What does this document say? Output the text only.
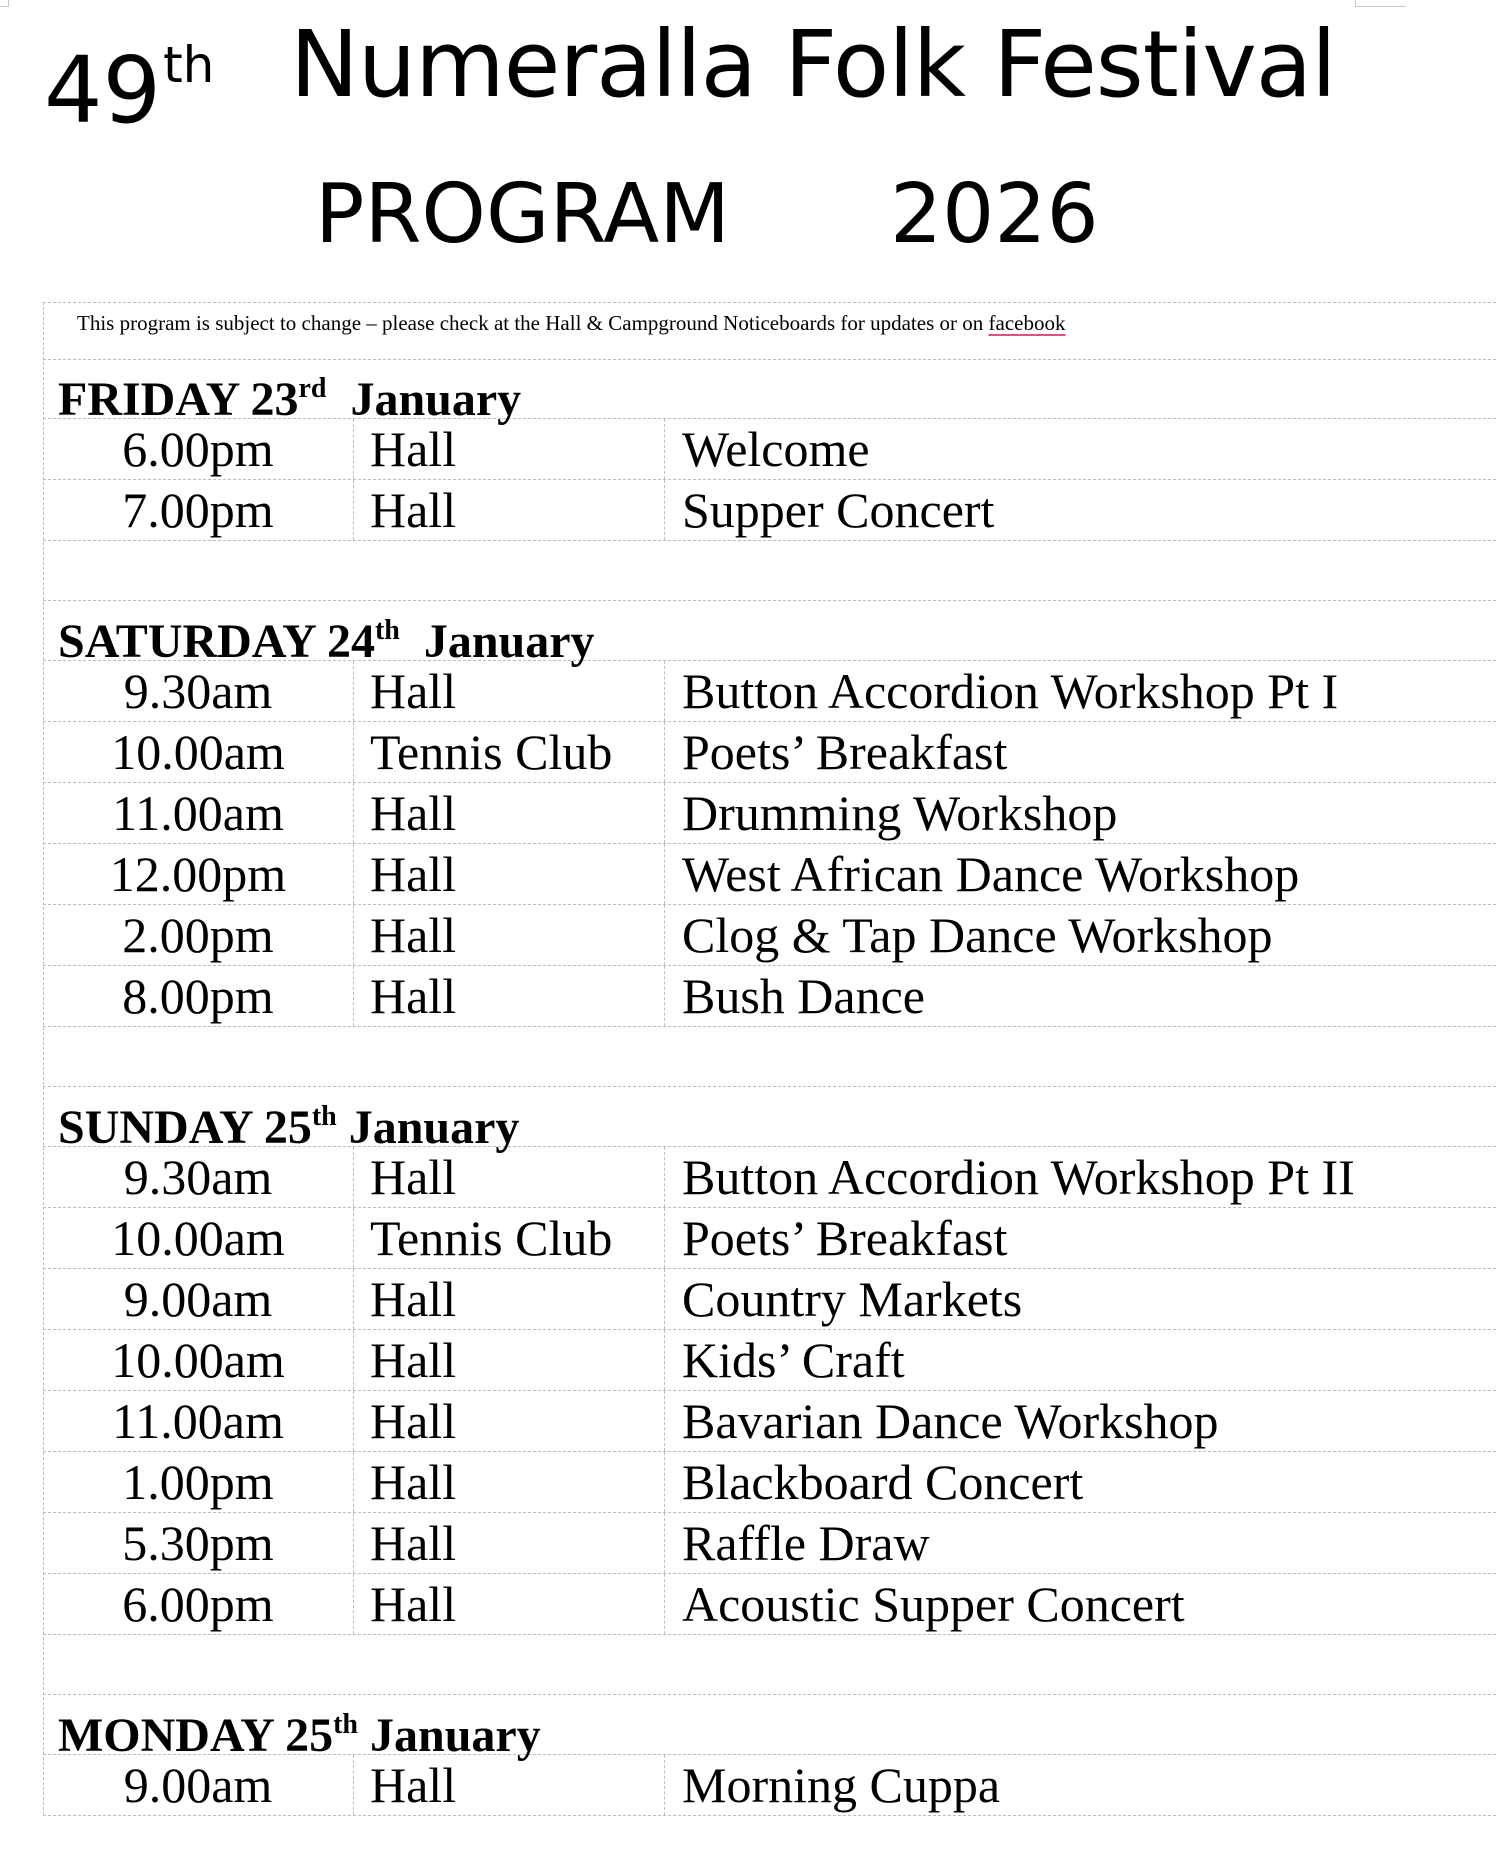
49th Numeralla Folk Festival
PROGRAM 2026
This program is subject to change – please check at the Hall & Campground Noticeboards for updates or on facebook
FRIDAY 23rd January
6.00pm	Hall	Welcome
7.00pm	Hall	Supper Concert
SATURDAY 24th January
9.30am	Hall	Button Accordion Workshop Pt I
10.00am	Tennis Club	Poets’ Breakfast
11.00am	Hall	Drumming Workshop
12.00pm	Hall	West African Dance Workshop
2.00pm	Hall	Clog & Tap Dance Workshop
8.00pm	Hall	Bush Dance
SUNDAY 25th January
9.30am	Hall	Button Accordion Workshop Pt II
10.00am	Tennis Club	Poets’ Breakfast
9.00am	Hall	Country Markets
10.00am	Hall	Kids’ Craft
11.00am	Hall	Bavarian Dance Workshop
1.00pm	Hall	Blackboard Concert
5.30pm	Hall	Raffle Draw
6.00pm	Hall	Acoustic Supper Concert
MONDAY 25th January
9.00am	Hall	Morning Cuppa
